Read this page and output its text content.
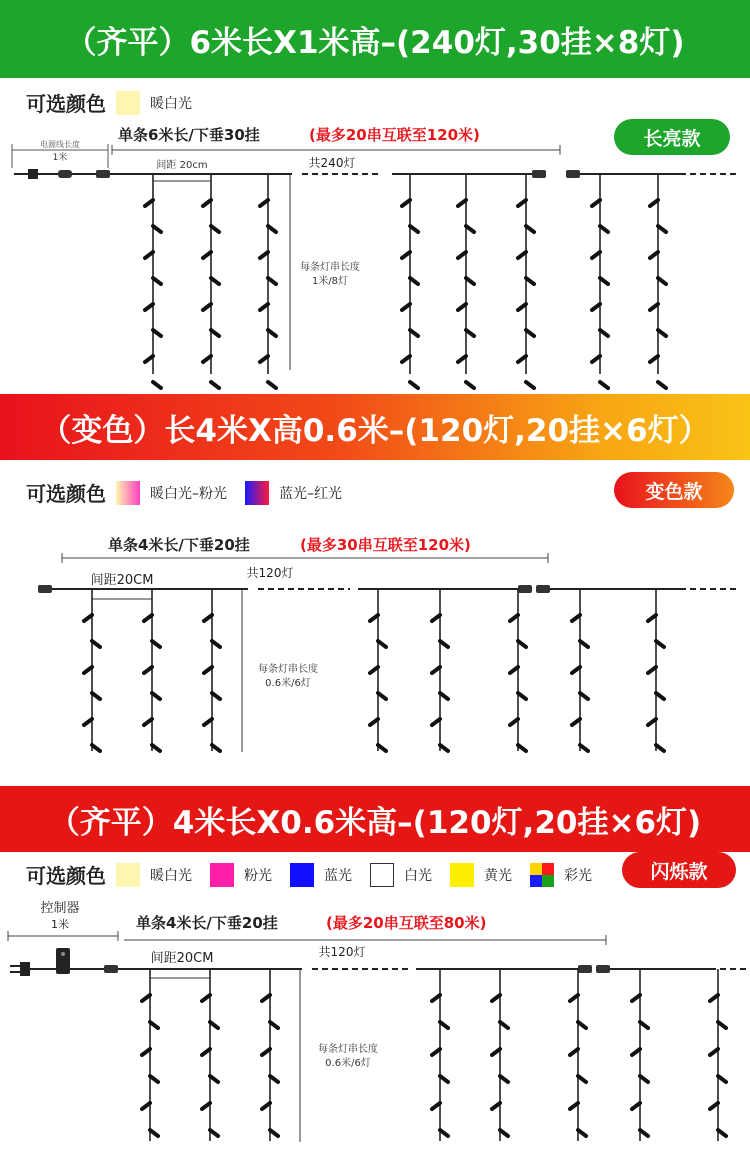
（齐平）6米长X1米高–(240灯,30挂×8灯)
可选颜色	暖白光
长亮款
电源线长度
1米
单条6米长/下垂30挂	(最多20串互联至120米)
间距 20cm	共240灯
每条灯串长度
1米/8灯
（变色）长4米X高0.6米–(120灯,20挂×6灯）
可选颜色	暖白光–粉光	蓝光–红光	变色款
单条4米长/下垂20挂	(最多30串互联至120米)
间距20CM	共120灯
每条灯串长度
0.6米/6灯
（齐平）4米长X0.6米高–(120灯,20挂×6灯)
可选颜色	暖白光	粉光	蓝光	白光	黄光	彩光	闪烁款
控制器
1米	单条4米长/下垂20挂	(最多20串互联至80米)
间距20CM	共120灯
每条灯串长度
0.6米/6灯
